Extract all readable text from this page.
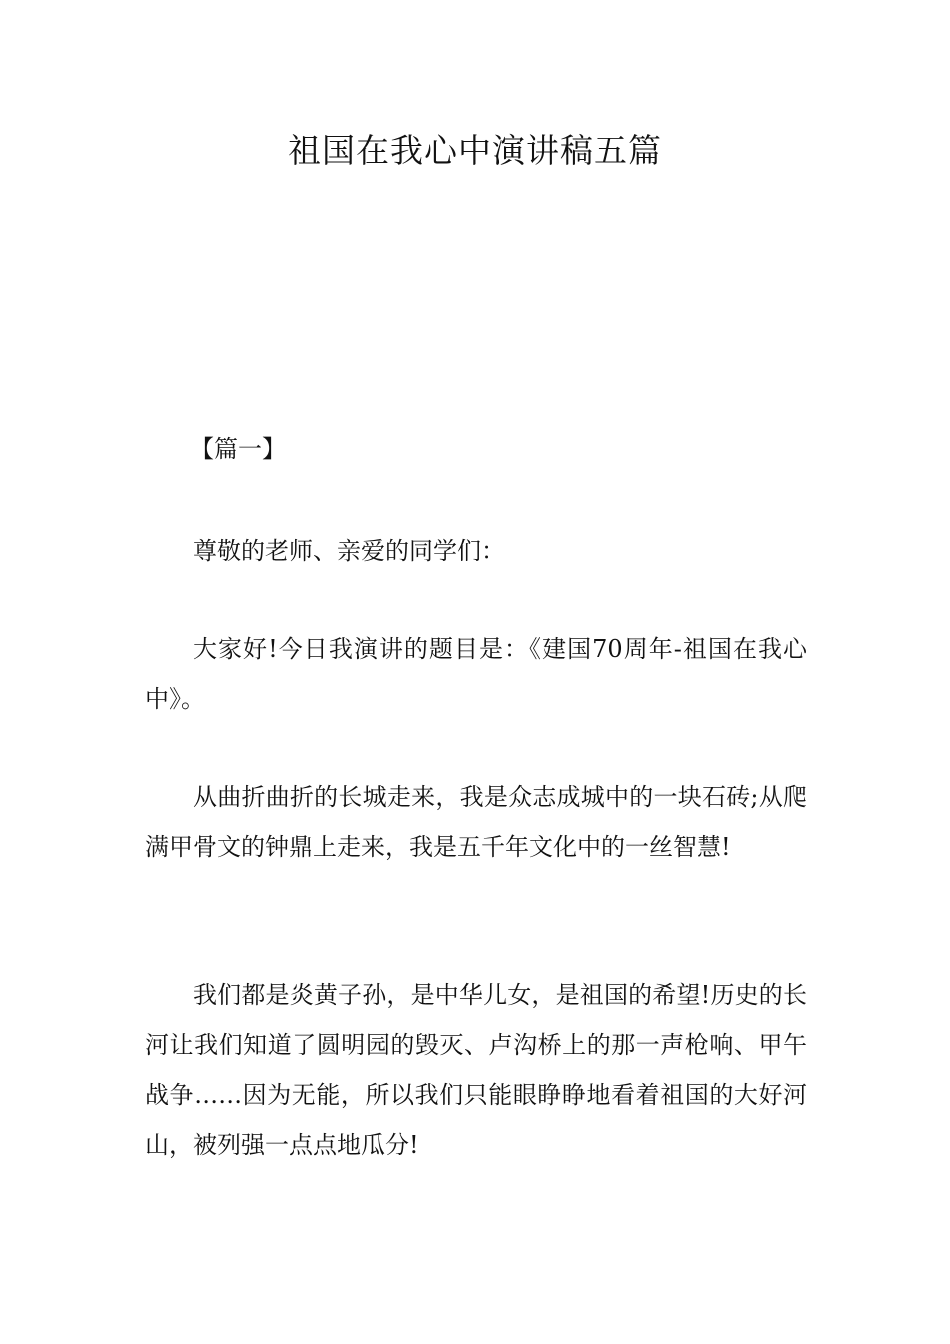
祖国在我心中演讲稿五篇
【篇一】

尊敬的老师、亲爱的同学们：

大家好!今日我演讲的题目是：《建国70周年-祖国在我心中》。

从曲折曲折的长城走来，我是众志成城中的一块石砖;从爬满甲骨文的钟鼎上走来，我是五千年文化中的一丝智慧!

我们都是炎黄子孙，是中华儿女，是祖国的希望!历史的长河让我们知道了圆明园的毁灭、卢沟桥上的那一声枪响、甲午战争……因为无能，所以我们只能眼睁睁地看着祖国的大好河山，被列强一点点地瓜分!
